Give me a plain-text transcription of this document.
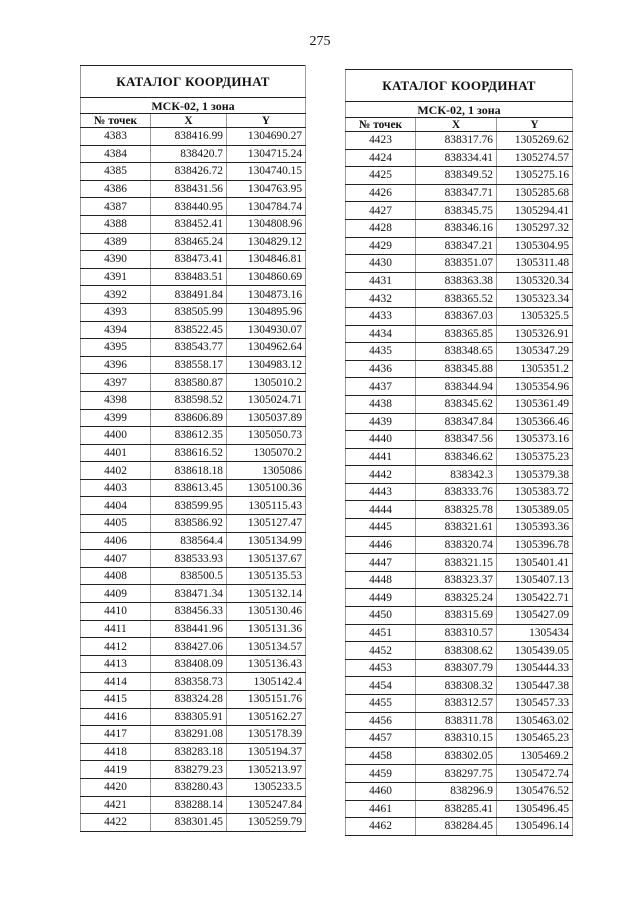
275
КАТАЛОГ КООРДИНАТ		
МСК-02, 1 зона		
№ точек	X	Y
4383	838416.99	1304690.27
4384	838420.7	1304715.24
4385	838426.72	1304740.15
4386	838431.56	1304763.95
4387	838440.95	1304784.74
4388	838452.41	1304808.96
4389	838465.24	1304829.12
4390	838473.41	1304846.81
4391	838483.51	1304860.69
4392	838491.84	1304873.16
4393	838505.99	1304895.96
4394	838522.45	1304930.07
4395	838543.77	1304962.64
4396	838558.17	1304983.12
4397	838580.87	1305010.2
4398	838598.52	1305024.71
4399	838606.89	1305037.89
4400	838612.35	1305050.73
4401	838616.52	1305070.2
4402	838618.18	1305086
4403	838613.45	1305100.36
4404	838599.95	1305115.43
4405	838586.92	1305127.47
4406	838564.4	1305134.99
4407	838533.93	1305137.67
4408	838500.5	1305135.53
4409	838471.34	1305132.14
4410	838456.33	1305130.46
4411	838441.96	1305131.36
4412	838427.06	1305134.57
4413	838408.09	1305136.43
4414	838358.73	1305142.4
4415	838324.28	1305151.76
4416	838305.91	1305162.27
4417	838291.08	1305178.39
4418	838283.18	1305194.37
4419	838279.23	1305213.97
4420	838280.43	1305233.5
4421	838288.14	1305247.84
4422	838301.45	1305259.79
КАТАЛОГ КООРДИНАТ		
МСК-02, 1 зона		
№ точек	X	Y
4423	838317.76	1305269.62
4424	838334.41	1305274.57
4425	838349.52	1305275.16
4426	838347.71	1305285.68
4427	838345.75	1305294.41
4428	838346.16	1305297.32
4429	838347.21	1305304.95
4430	838351.07	1305311.48
4431	838363.38	1305320.34
4432	838365.52	1305323.34
4433	838367.03	1305325.5
4434	838365.85	1305326.91
4435	838348.65	1305347.29
4436	838345.88	1305351.2
4437	838344.94	1305354.96
4438	838345.62	1305361.49
4439	838347.84	1305366.46
4440	838347.56	1305373.16
4441	838346.62	1305375.23
4442	838342.3	1305379.38
4443	838333.76	1305383.72
4444	838325.78	1305389.05
4445	838321.61	1305393.36
4446	838320.74	1305396.78
4447	838321.15	1305401.41
4448	838323.37	1305407.13
4449	838325.24	1305422.71
4450	838315.69	1305427.09
4451	838310.57	1305434
4452	838308.62	1305439.05
4453	838307.79	1305444.33
4454	838308.32	1305447.38
4455	838312.57	1305457.33
4456	838311.78	1305463.02
4457	838310.15	1305465.23
4458	838302.05	1305469.2
4459	838297.75	1305472.74
4460	838296.9	1305476.52
4461	838285.41	1305496.45
4462	838284.45	1305496.14
